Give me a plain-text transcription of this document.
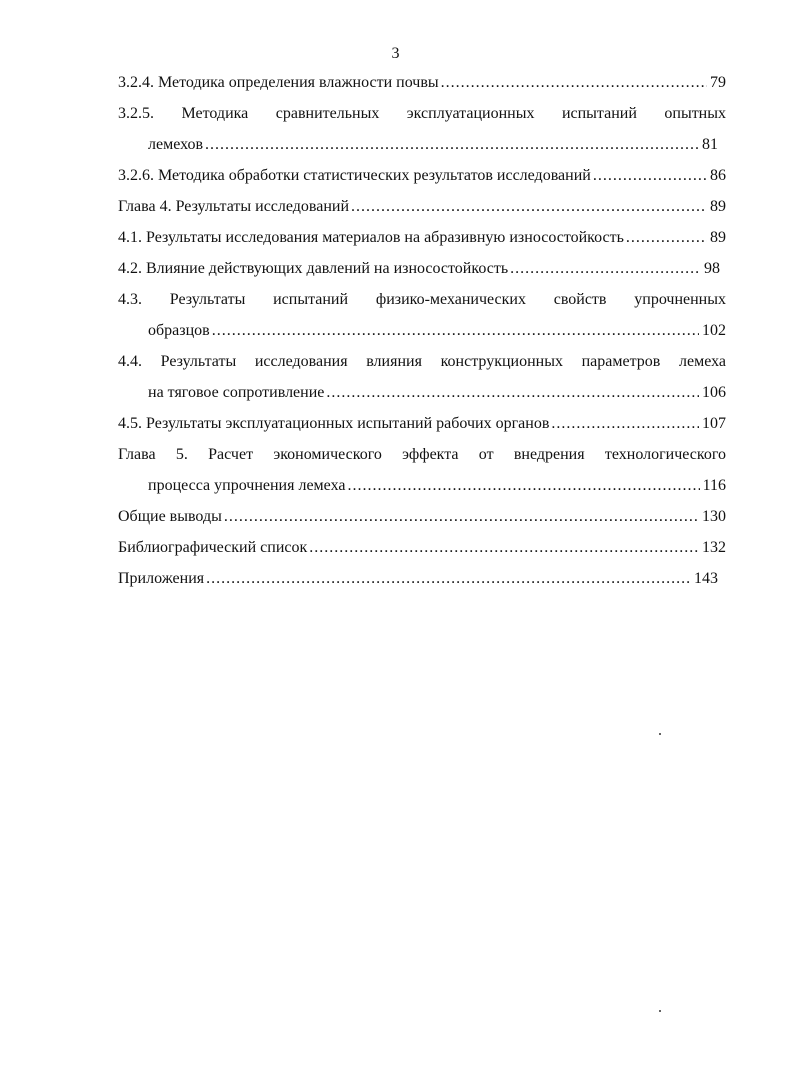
3
3.2.4. Методика определения влажности почвы .....	79
3.2.5. Методика сравнительных эксплуатационных испытаний опытных
лемехов .....	81
3.2.6. Методика обработки статистических результатов исследований .....	86
Глава 4. Результаты исследований .....	89
4.1. Результаты исследования материалов на абразивную износостойкость .....	89
4.2. Влияние действующих давлений на износостойкость .....	98
4.3. Результаты испытаний физико-механических свойств упрочненных
образцов .....	102
4.4. Результаты исследования влияния конструкционных параметров лемеха
на тяговое сопротивление .....	106
4.5. Результаты эксплуатационных испытаний рабочих органов .....	107
Глава 5. Расчет экономического эффекта от внедрения технологического
процесса упрочнения лемеха .....	116
Общие выводы .....	130
Библиографический список .....	132
Приложения .....	143
